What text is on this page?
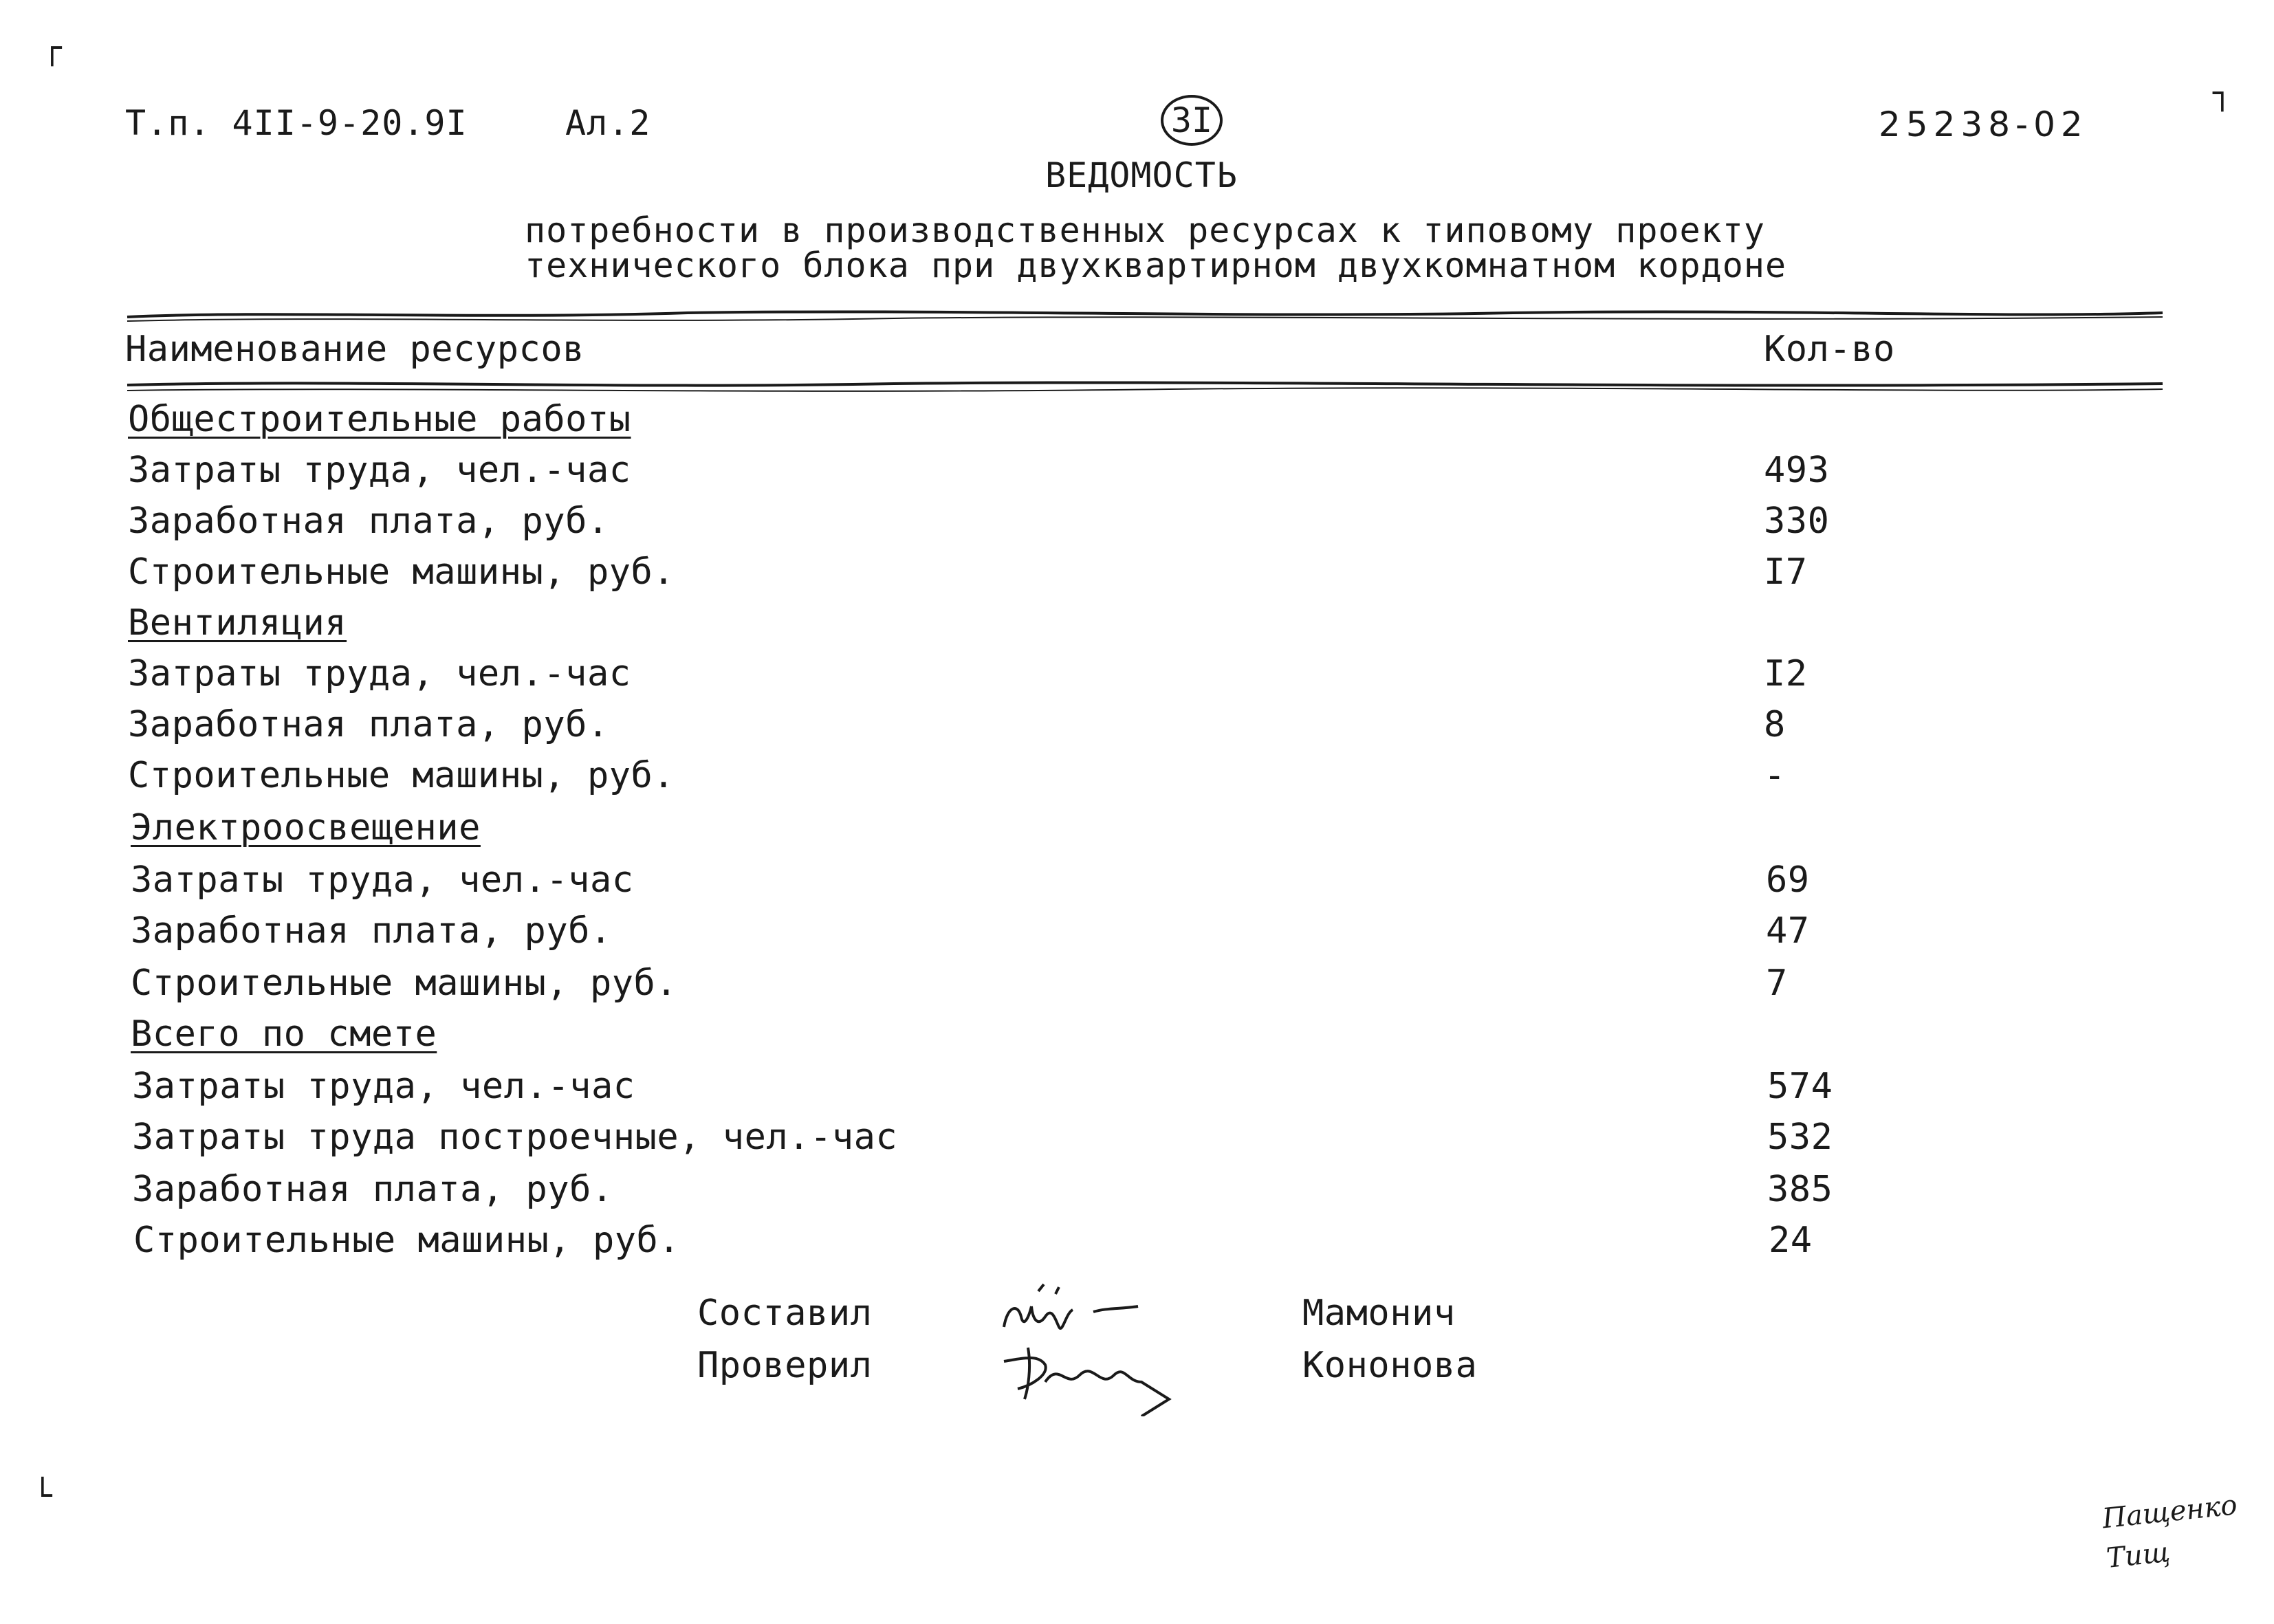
┌
┐
└
Т.п. 4II-9-20.9I	Ал.2	3I	25238-02
ВЕДОМОСТЬ
потребности в производственных ресурсах к типовому проекту
технического блока при двухквартирном двухкомнатном кордоне
Наименование ресурсов	Кол-во
Общестроительные работы
Затраты труда, чел.-час	493
Заработная плата, руб.	330
Строительные машины, руб.	I7
Вентиляция
Затраты труда, чел.-час	I2
Заработная плата, руб.	8
Строительные машины, руб.	-
Электроосвещение
Затраты труда, чел.-час	69
Заработная плата, руб.	47
Строительные машины, руб.	7
Всего по смете
Затраты труда, чел.-час	574
Затраты труда построечные, чел.-час	532
Заработная плата, руб.	385
Строительные машины, руб.	24
Составил	Мамонич
Проверил	Кононова
Пащенко
Тищ
